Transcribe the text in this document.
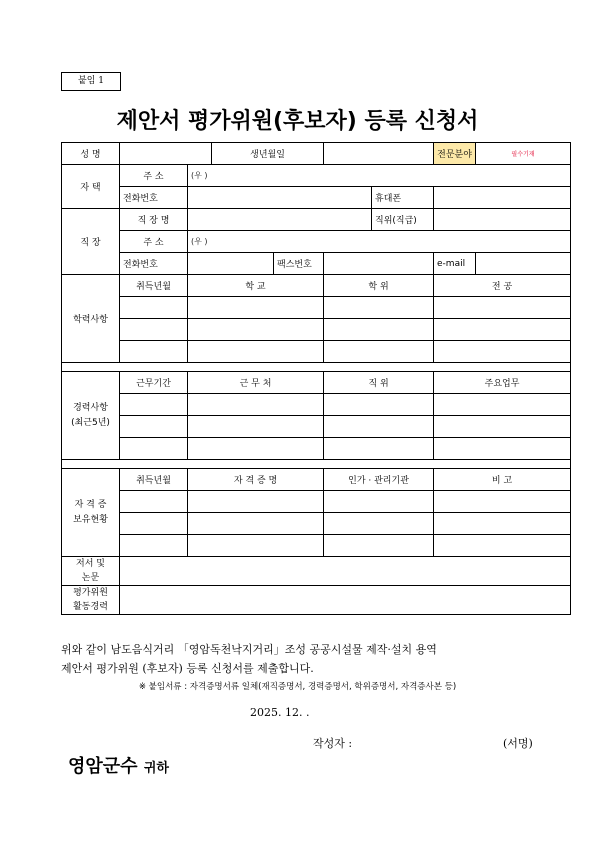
붙임 1
제안서 평가위원(후보자) 등록 신청서
성 명			생년월일				전문분야	필수기재
자 택	주 소	(우 )						
	전화번호					휴대폰		
직 장	직 장 명					직위(직급)		
	주 소	(우 )						
	전화번호			팩스번호			e-mail	
학력사항	취득년월	학 교			학 위		전 공	

경력사항
(최근5년)	근무기간	근 무 처			직 위		주요업무	

자 격 증
보유현황	취득년월	자 격 증 명			인가 · 관리기관		비 고	

저서 및
논문								
평가위원
활동경력								
위와 같이 남도음식거리 「영암독천낙지거리」조성 공공시설물 제작·설치 용역
제안서 평가위원 (후보자) 등록 신청서를 제출합니다.
※ 붙임서류 : 자격증명서류 일체(재직증명서, 경력증명서, 학위증명서, 자격증사본 등)
2025. 12. .
작성자 :	(서명)
영암군수 귀하
